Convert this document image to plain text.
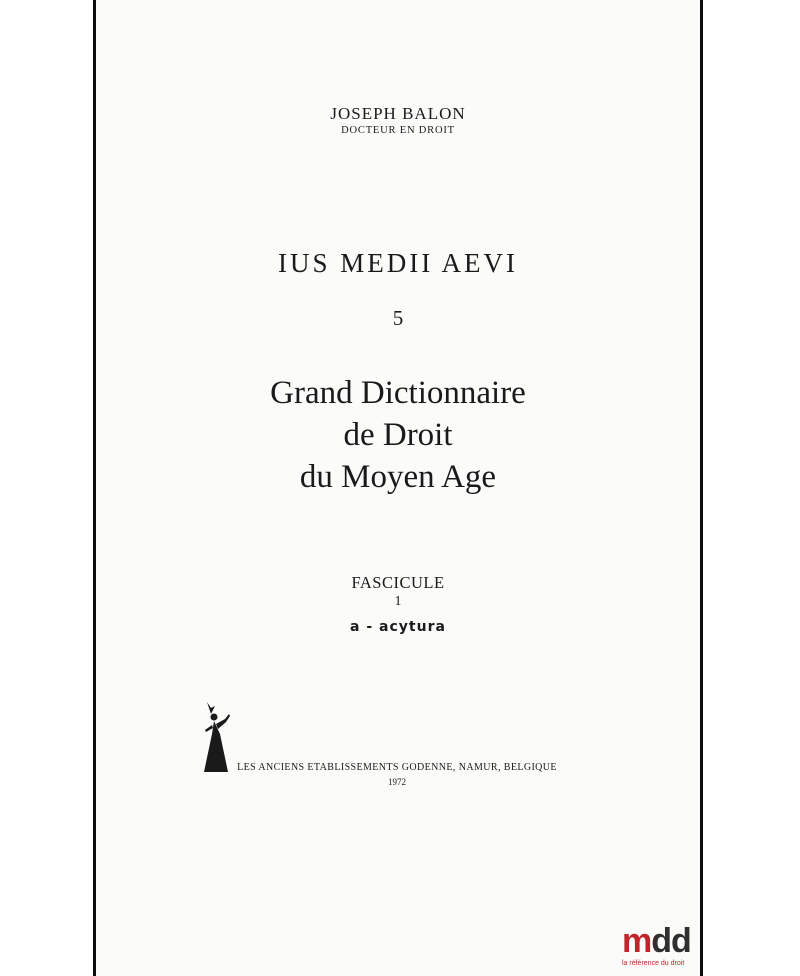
JOSEPH BALON
DOCTEUR EN DROIT
IUS MEDII AEVI
5
Grand Dictionnaire
de Droit
du Moyen Age
FASCICULE
1
a - acytura
LES ANCIENS ETABLISSEMENTS GODENNE, NAMUR, BELGIQUE
1972
mdd
la référence du droit
